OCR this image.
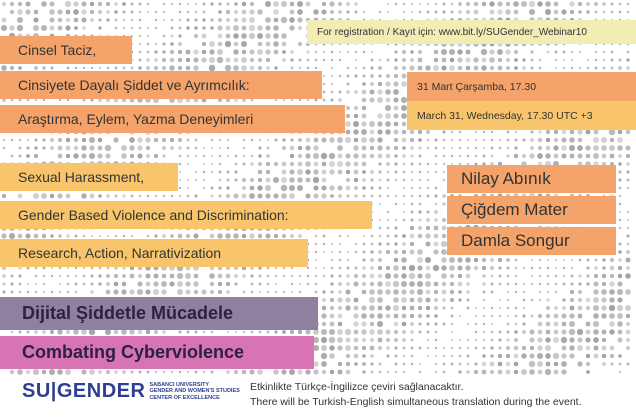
For registration / Kayıt için: www.bit.ly/SUGender_Webinar10
Cinsel Taciz,
Cinsiyete Dayalı Şiddet ve Ayrımcılık:
Araştırma, Eylem, Yazma Deneyimleri
31 Mart Çarşamba, 17.30
March 31, Wednesday, 17.30 UTC +3
Sexual Harassment,
Gender Based Violence and Discrimination:
Research, Action, Narrativization
Nilay Abınık
Çiğdem Mater
Damla Songur
Dijital Şiddetle Mücadele
Combating Cyberviolence
SU|GENDER SABANCI UNIVERSITY
GENDER AND WOMEN'S STUDIES
CENTER OF EXCELLENCE
Etkinlikte Türkçe-İngilizce çeviri sağlanacaktır.
There will be Turkish-English simultaneous translation during the event.
